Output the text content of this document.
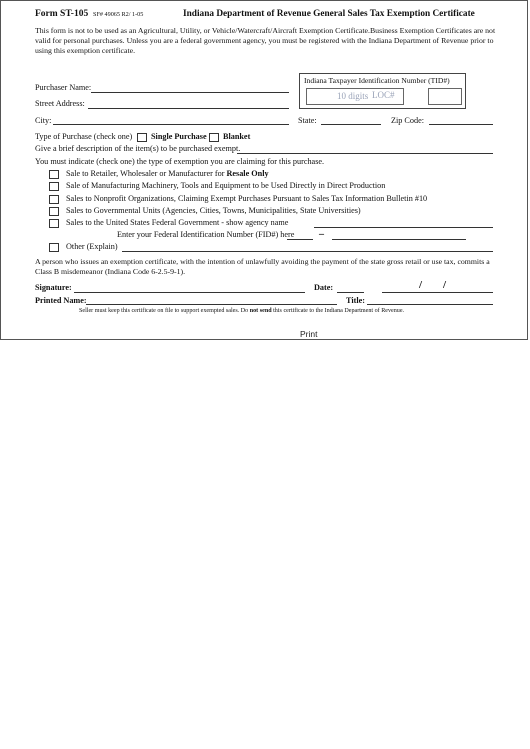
Form ST-105 SF# 49065 R2/ 1-05	Indiana Department of Revenue General Sales Tax Exemption Certificate
This form is not to be used as an Agricultural, Utility, or Vehicle/Watercraft/Aircraft Exemption Certificate.Business Exemption Certificates are not
valid for personal purchases. Unless you are a federal government agency, you must be registered with the Indiana Department of Revenue prior to
using this exemption certificate.
Indiana Taxpayer Identification Number (TID#)
10 digits LOC#
Purchaser Name:
Street Address:
City:	State:	Zip Code:
Type of Purchase (check one) Single Purchase Blanket
Give a brief description of the item(s) to be purchased exempt.
You must indicate (check one) the type of exemption you are claiming for this purchase.
Sale to Retailer, Wholesaler or Manufacturer for Resale Only
Sale of Manufacturing Machinery, Tools and Equipment to be Used Directly in Direct Production
Sales to Nonprofit Organizations, Claiming Exempt Purchases Pursuant to Sales Tax Information Bulletin #10
Sales to Governmental Units (Agencies, Cities, Towns, Municipalities, State Universities)
Sales to the United States Federal Government - show agency name
Enter your Federal Identification Number (FID#) here –
Other (Explain)
A person who issues an exemption certificate, with the intention of unlawfully avoiding the payment of the state gross retail or use tax, commits a
Class B misdemeanor (Indiana Code 6-2.5-9-1).
Signature:	Date:	/ /
Printed Name:	Title:
Seller must keep this certificate on file to support exempted sales. Do not send this certificate to the Indiana Department of Revenue.
Print
